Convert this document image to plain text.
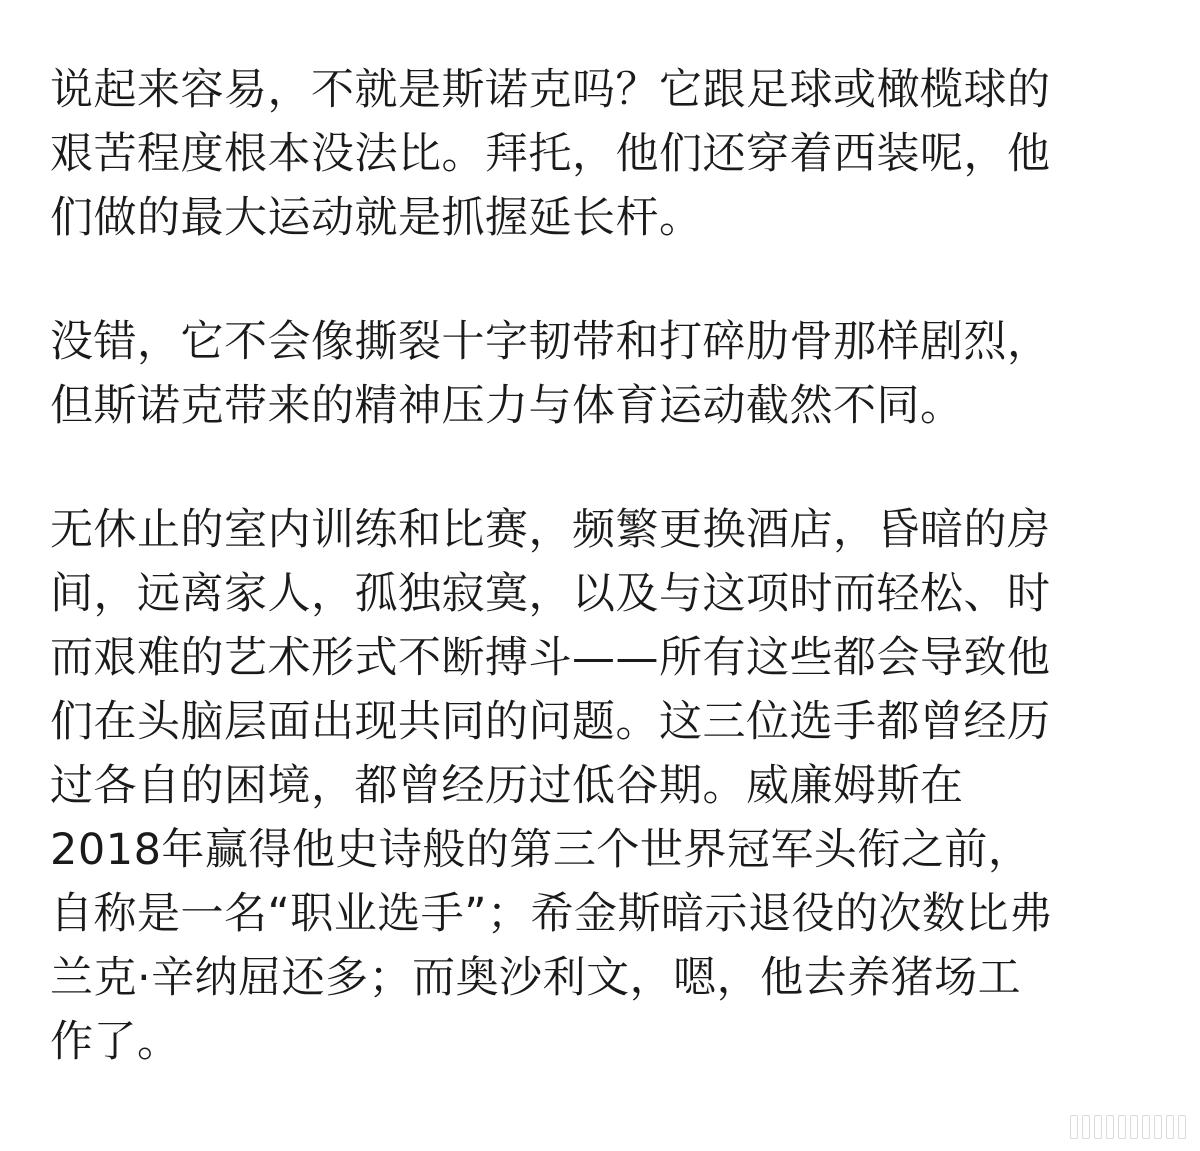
说起来容易，不就是斯诺克吗？它跟足球或橄榄球的
艰苦程度根本没法比。拜托，他们还穿着西装呢，他
们做的最大运动就是抓握延长杆。

没错，它不会像撕裂十字韧带和打碎肋骨那样剧烈，
但斯诺克带来的精神压力与体育运动截然不同。

无休止的室内训练和比赛，频繁更换酒店，昏暗的房
间，远离家人，孤独寂寞，以及与这项时而轻松、时
而艰难的艺术形式不断搏斗——所有这些都会导致他
们在头脑层面出现共同的问题。这三位选手都曾经历
过各自的困境，都曾经历过低谷期。威廉姆斯在
2018年赢得他史诗般的第三个世界冠军头衔之前，
自称是一名“职业选手”；希金斯暗示退役的次数比弗
兰克·辛纳屈还多；而奥沙利文，嗯，他去养猪场工
作了。
